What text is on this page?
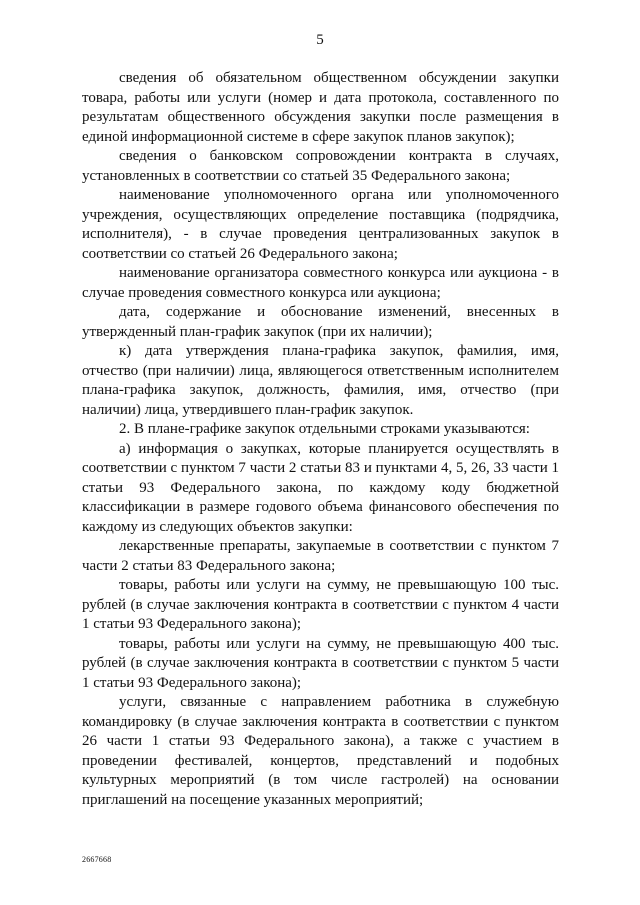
5

сведения об обязательном общественном обсуждении закупки товара, работы или услуги (номер и дата протокола, составленного по результатам общественного обсуждения закупки после размещения в единой информационной системе в сфере закупок планов закупок);

сведения о банковском сопровождении контракта в случаях, установленных в соответствии со статьей 35 Федерального закона;

наименование уполномоченного органа или уполномоченного учреждения, осуществляющих определение поставщика (подрядчика, исполнителя), - в случае проведения централизованных закупок в соответствии со статьей 26 Федерального закона;

наименование организатора совместного конкурса или аукциона - в случае проведения совместного конкурса или аукциона;

дата, содержание и обоснование изменений, внесенных в утвержденный план-график закупок (при их наличии);

к) дата утверждения плана-графика закупок, фамилия, имя, отчество (при наличии) лица, являющегося ответственным исполнителем плана-графика закупок, должность, фамилия, имя, отчество (при наличии) лица, утвердившего план-график закупок.

2. В плане-графике закупок отдельными строками указываются:

а) информация о закупках, которые планируется осуществлять в соответствии с пунктом 7 части 2 статьи 83 и пунктами 4, 5, 26, 33 части 1 статьи 93 Федерального закона, по каждому коду бюджетной классификации в размере годового объема финансового обеспечения по каждому из следующих объектов закупки:

лекарственные препараты, закупаемые в соответствии с пунктом 7 части 2 статьи 83 Федерального закона;

товары, работы или услуги на сумму, не превышающую 100 тыс. рублей (в случае заключения контракта в соответствии с пунктом 4 части 1 статьи 93 Федерального закона);

товары, работы или услуги на сумму, не превышающую 400 тыс. рублей (в случае заключения контракта в соответствии с пунктом 5 части 1 статьи 93 Федерального закона);

услуги, связанные с направлением работника в служебную командировку (в случае заключения контракта в соответствии с пунктом 26 части 1 статьи 93 Федерального закона), а также с участием в проведении фестивалей, концертов, представлений и подобных культурных мероприятий (в том числе гастролей) на основании приглашений на посещение указанных мероприятий;

2667668
